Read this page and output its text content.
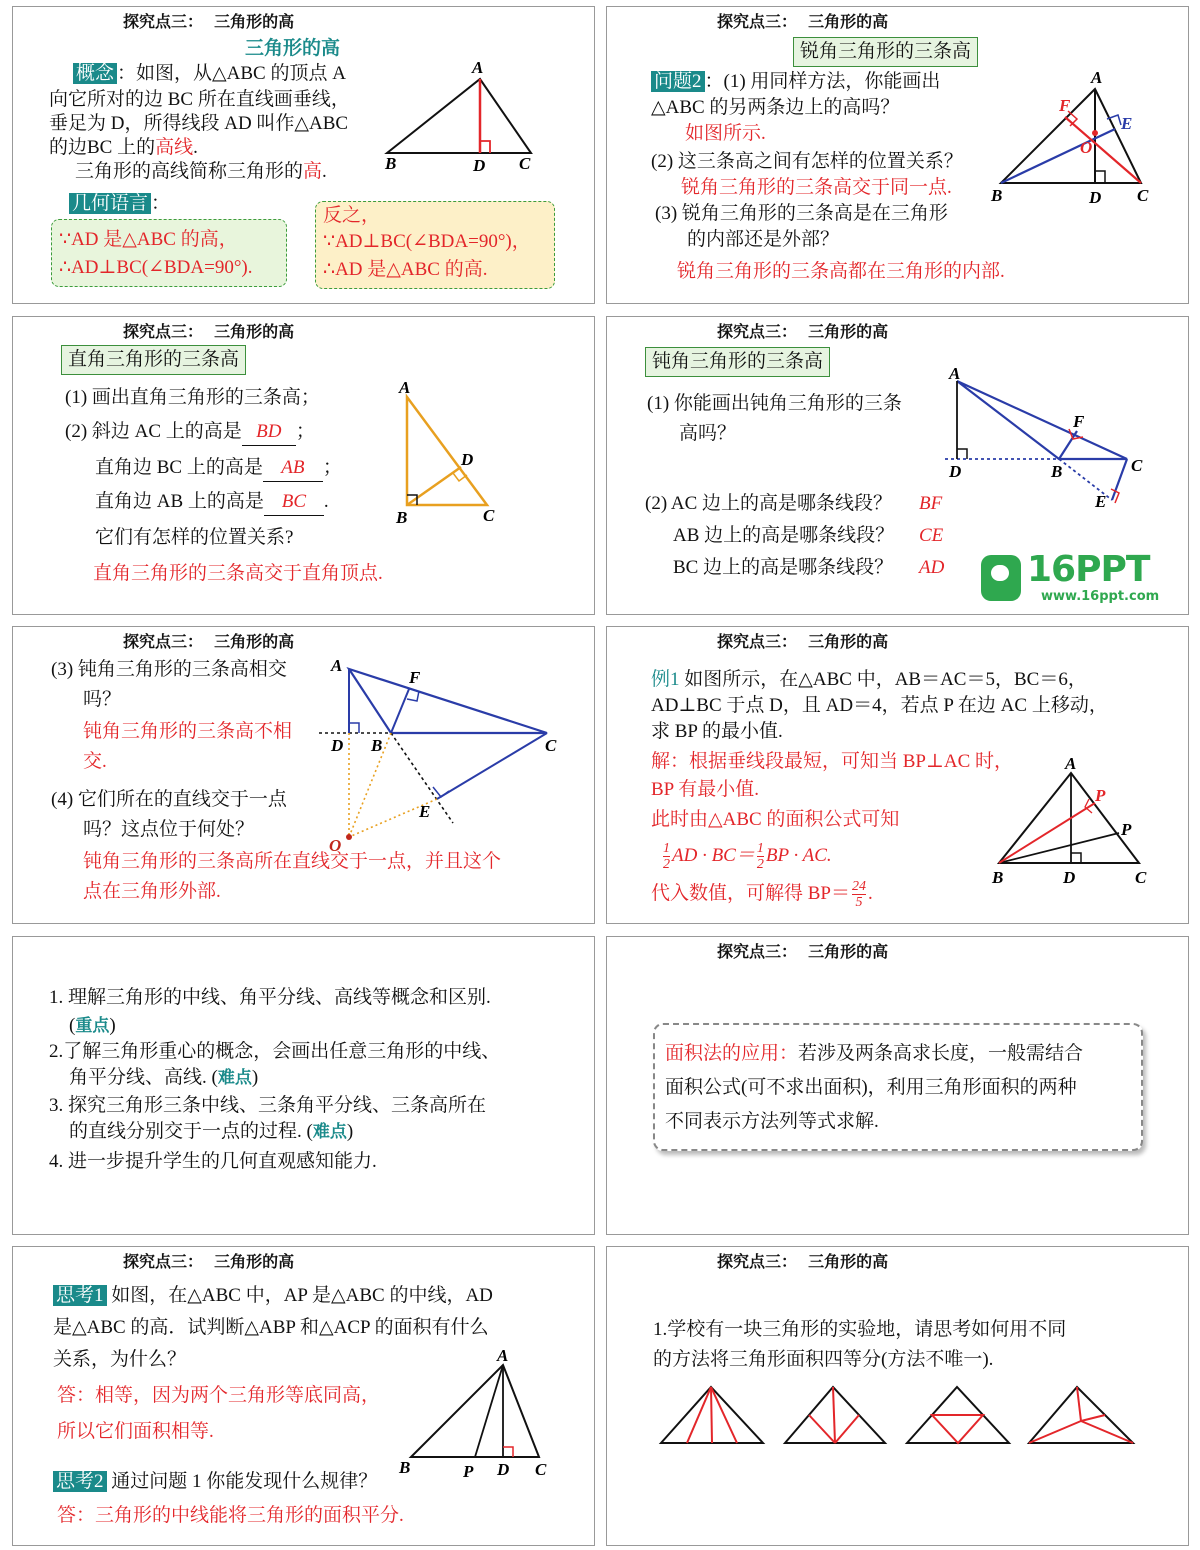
探究点三：  三角形的高
三角形的高
概念 ：如图，从△ABC 的顶点 A
向它所对的边 BC 所在直线画垂线，
垂足为 D，所得线段 AD 叫作△ABC
的边BC 上的高线.
三角形的高线简称三角形的高.
几何语言 ：
∵AD 是△ABC 的高，
∴AD⊥BC(∠BDA=90°).
反之，
∵AD⊥BC(∠BDA=90°)，
∴AD 是△ABC 的高.
A
B	C
D
探究点三：  三角形的高
锐角三角形的三条高
问题2 ：(1) 用同样方法，你能画出
△ABC 的另两条边上的高吗？
如图所示.
(2) 这三条高之间有怎样的位置关系？
锐角三角形的三条高交于同一点.
(3) 锐角三角形的三条高是在三角形
的内部还是外部？
锐角三角形的三条高都在三角形的内部.
A
B	C
D
E
F
O
探究点三：  三角形的高
直角三角形的三条高
(1) 画出直角三角形的三条高；
(2) 斜边 AC 上的高是 BD ；
直角边 BC 上的高是 AB ；
直角边 AB 上的高是 BC .
它们有怎样的位置关系?
直角三角形的三条高交于直角顶点.
A
B	C
D
探究点三：  三角形的高
钝角三角形的三条高
(1) 你能画出钝角三角形的三条
高吗？
(2) AC 边上的高是哪条线段？ BF
AB 边上的高是哪条线段？ CE
BC 边上的高是哪条线段？ AD 16PPT
www.16ppt.com
A
B	C
D
E
F
探究点三：  三角形的高
(3) 钝角三角形的三条高相交
吗？
钝角三角形的三条高不相
交.
(4) 它们所在的直线交于一点
吗？这点位于何处？
钝角三角形的三条高所在直线交于一点，并且这个
点在三角形外部.
A
B	C
D
E
F
O
探究点三：  三角形的高
例1 如图所示，在△ABC 中，AB＝AC＝5，BC＝6，
AD⊥BC 于点 D，且 AD＝4，若点 P 在边 AC 上移动，
求 BP 的最小值.
解：根据垂线段最短，可知当 BP⊥AC 时，
BP 有最小值.
此时由△ABC 的面积公式可知
$\frac{1}{2}$ AD · $BC= \frac{1}{2}$ BP · AC.
代入数值，可解得 $BP= \frac{24}{5}$ .
A
B	C
D
P
P
1. 理解三角形的中线、角平分线、高线等概念和区别.
(重点)
2.了解三角形重心的概念，会画出任意三角形的中线、
角平分线、高线. (难点)
3. 探究三角形三条中线、三条角平分线、三条高所在
的直线分别交于一点的过程. (难点)
4. 进一步提升学生的几何直观感知能力.
探究点三：  三角形的高
面积法的应用：若涉及两条高求长度，一般需结合
面积公式(可不求出面积)，利用三角形面积的两种
不同表示方法列等式求解.
探究点三：  三角形的高
思考1 如图，在△ABC 中，AP 是△ABC 的中线，AD
是△ABC 的高．试判断△ABP 和△ACP 的面积有什么
关系，为什么？
答：相等，因为两个三角形等底同高，
所以它们面积相等.
思考2 通过问题 1 你能发现什么规律？
答：三角形的中线能将三角形的面积平分.
A
B	C
D
P
探究点三：  三角形的高
1.学校有一块三角形的实验地，请思考如何用不同
的方法将三角形面积四等分(方法不唯一).
